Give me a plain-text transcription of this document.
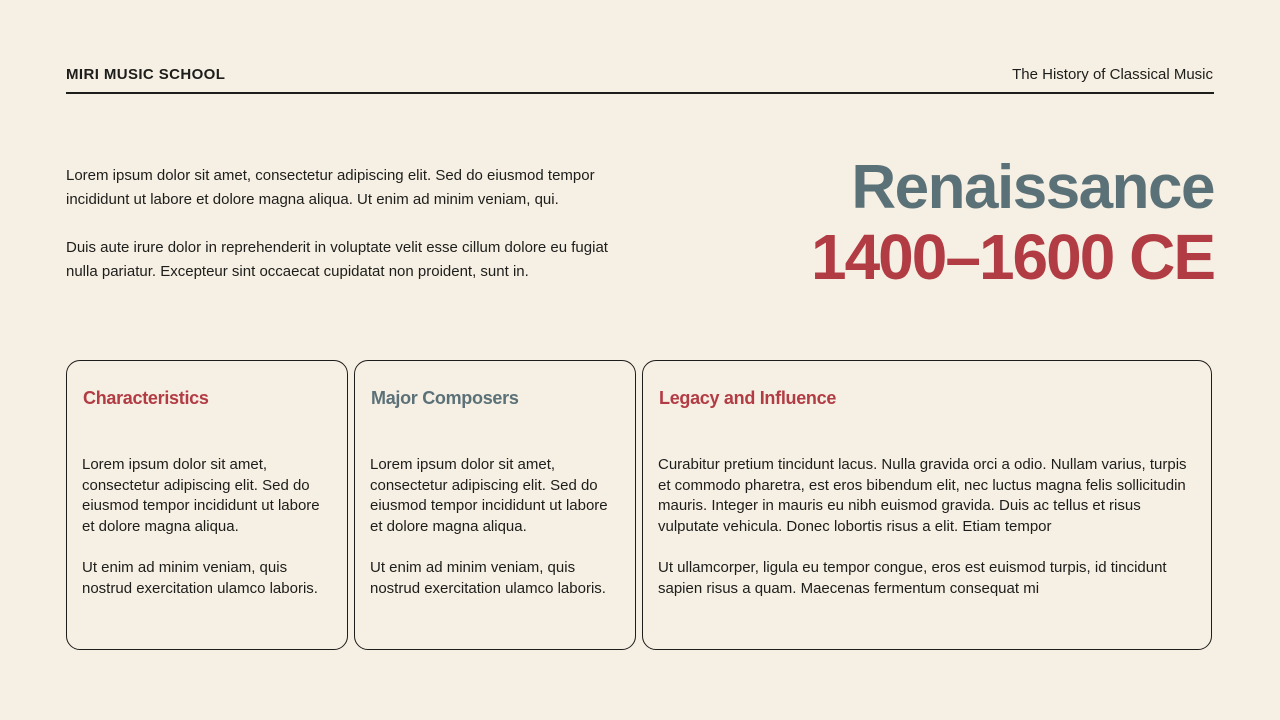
MIRI MUSIC SCHOOL	The History of Classical Music

Lorem ipsum dolor sit amet, consectetur adipiscing elit. Sed do eiusmod tempor incididunt ut labore et dolore magna aliqua. Ut enim ad minim veniam, qui.

Duis aute irure dolor in reprehenderit in voluptate velit esse cillum dolore eu fugiat nulla pariatur. Excepteur sint occaecat cupidatat non proident, sunt in.

Renaissance
1400–1600 CE
Characteristics

Lorem ipsum dolor sit amet, consectetur adipiscing elit. Sed do eiusmod tempor incididunt ut labore et dolore magna aliqua.

Ut enim ad minim veniam, quis nostrud exercitation ulamco laboris.

Major Composers

Lorem ipsum dolor sit amet, consectetur adipiscing elit. Sed do eiusmod tempor incididunt ut labore et dolore magna aliqua.

Ut enim ad minim veniam, quis nostrud exercitation ulamco laboris.

Legacy and Influence

Curabitur pretium tincidunt lacus. Nulla gravida orci a odio. Nullam varius, turpis et commodo pharetra, est eros bibendum elit, nec luctus magna felis sollicitudin mauris. Integer in mauris eu nibh euismod gravida. Duis ac tellus et risus vulputate vehicula. Donec lobortis risus a elit. Etiam tempor

Ut ullamcorper, ligula eu tempor congue, eros est euismod turpis, id tincidunt sapien risus a quam. Maecenas fermentum consequat mi
